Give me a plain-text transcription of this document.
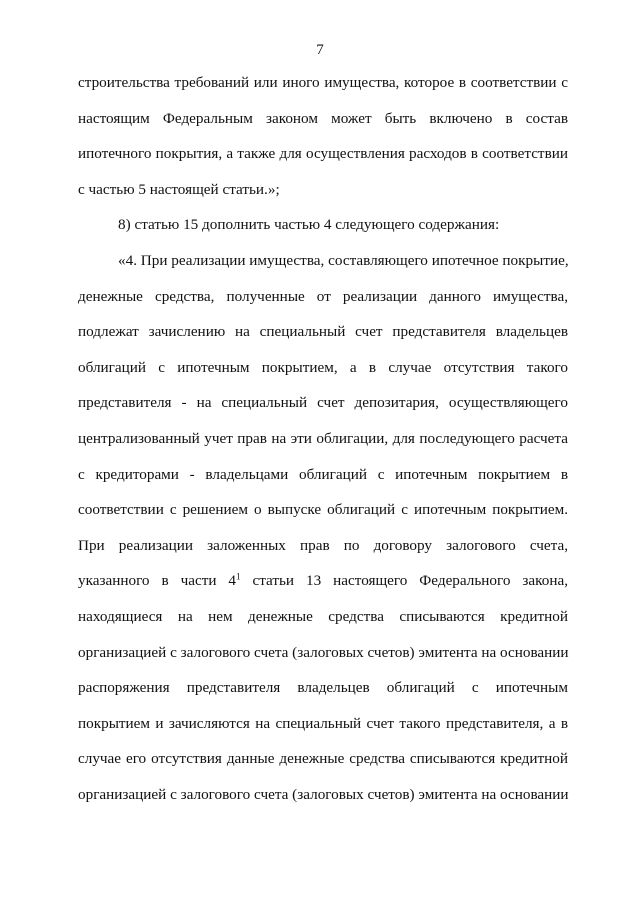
7
строительства требований или иного имущества, которое в соответствии с
настоящим Федеральным законом может быть включено в состав
ипотечного покрытия, а также для осуществления расходов в соответствии
с частью 5 настоящей статьи.»;
8) статью 15 дополнить частью 4 следующего содержания:
«4. При реализации имущества, составляющего ипотечное покрытие,
денежные средства, полученные от реализации данного имущества,
подлежат зачислению на специальный счет представителя владельцев
облигаций с ипотечным покрытием, а в случае отсутствия такого
представителя - на специальный счет депозитария, осуществляющего
централизованный учет прав на эти облигации, для последующего расчета
с кредиторами - владельцами облигаций с ипотечным покрытием в
соответствии с решением о выпуске облигаций с ипотечным покрытием.
При реализации заложенных прав по договору залогового счета,
указанного в части $4^1$ статьи 13 настоящего Федерального закона,
находящиеся на нем денежные средства списываются кредитной
организацией с залогового счета (залоговых счетов) эмитента на основании
распоряжения представителя владельцев облигаций с ипотечным
покрытием и зачисляются на специальный счет такого представителя, а в
случае его отсутствия данные денежные средства списываются кредитной
организацией с залогового счета (залоговых счетов) эмитента на основании
